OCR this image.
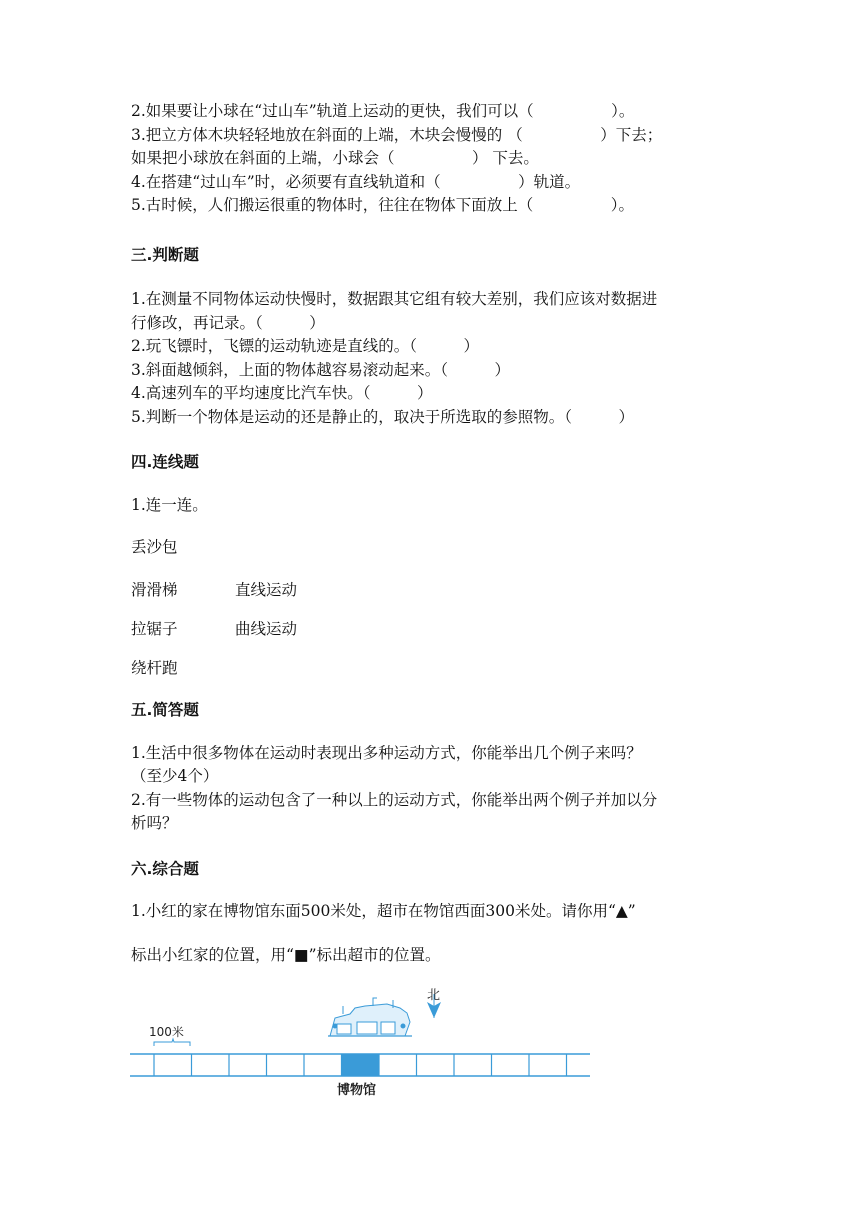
2.如果要让小球在“过山车”轨道上运动的更快，我们可以（　　　　　）。
3.把立方体木块轻轻地放在斜面的上端，木块会慢慢的 （　　　　　）下去；
如果把小球放在斜面的上端，小球会（　　　　　） 下去。
4.在搭建“过山车”时，必须要有直线轨道和（　　　　　）轨道。
5.古时候，人们搬运很重的物体时，往往在物体下面放上（　　　　　）。
三.判断题
1.在测量不同物体运动快慢时，数据跟其它组有较大差别，我们应该对数据进
行修改，再记录。（　　　）
2.玩飞镖时，飞镖的运动轨迹是直线的。（　　　）
3.斜面越倾斜，上面的物体越容易滚动起来。（　　　）
4.高速列车的平均速度比汽车快。（　　　）
5.判断一个物体是运动的还是静止的，取决于所选取的参照物。（　　　）
四.连线题
1.连一连。
丢沙包
滑滑梯	直线运动
拉锯子	曲线运动
绕杆跑
五.简答题
1.生活中很多物体在运动时表现出多种运动方式，你能举出几个例子来吗？
（至少4个）
2.有一些物体的运动包含了一种以上的运动方式，你能举出两个例子并加以分
析吗？
六.综合题
1.小红的家在博物馆东面500米处，超市在物馆西面300米处。请你用“▲”
标出小红家的位置，用“■”标出超市的位置。
北
100米
博物馆
